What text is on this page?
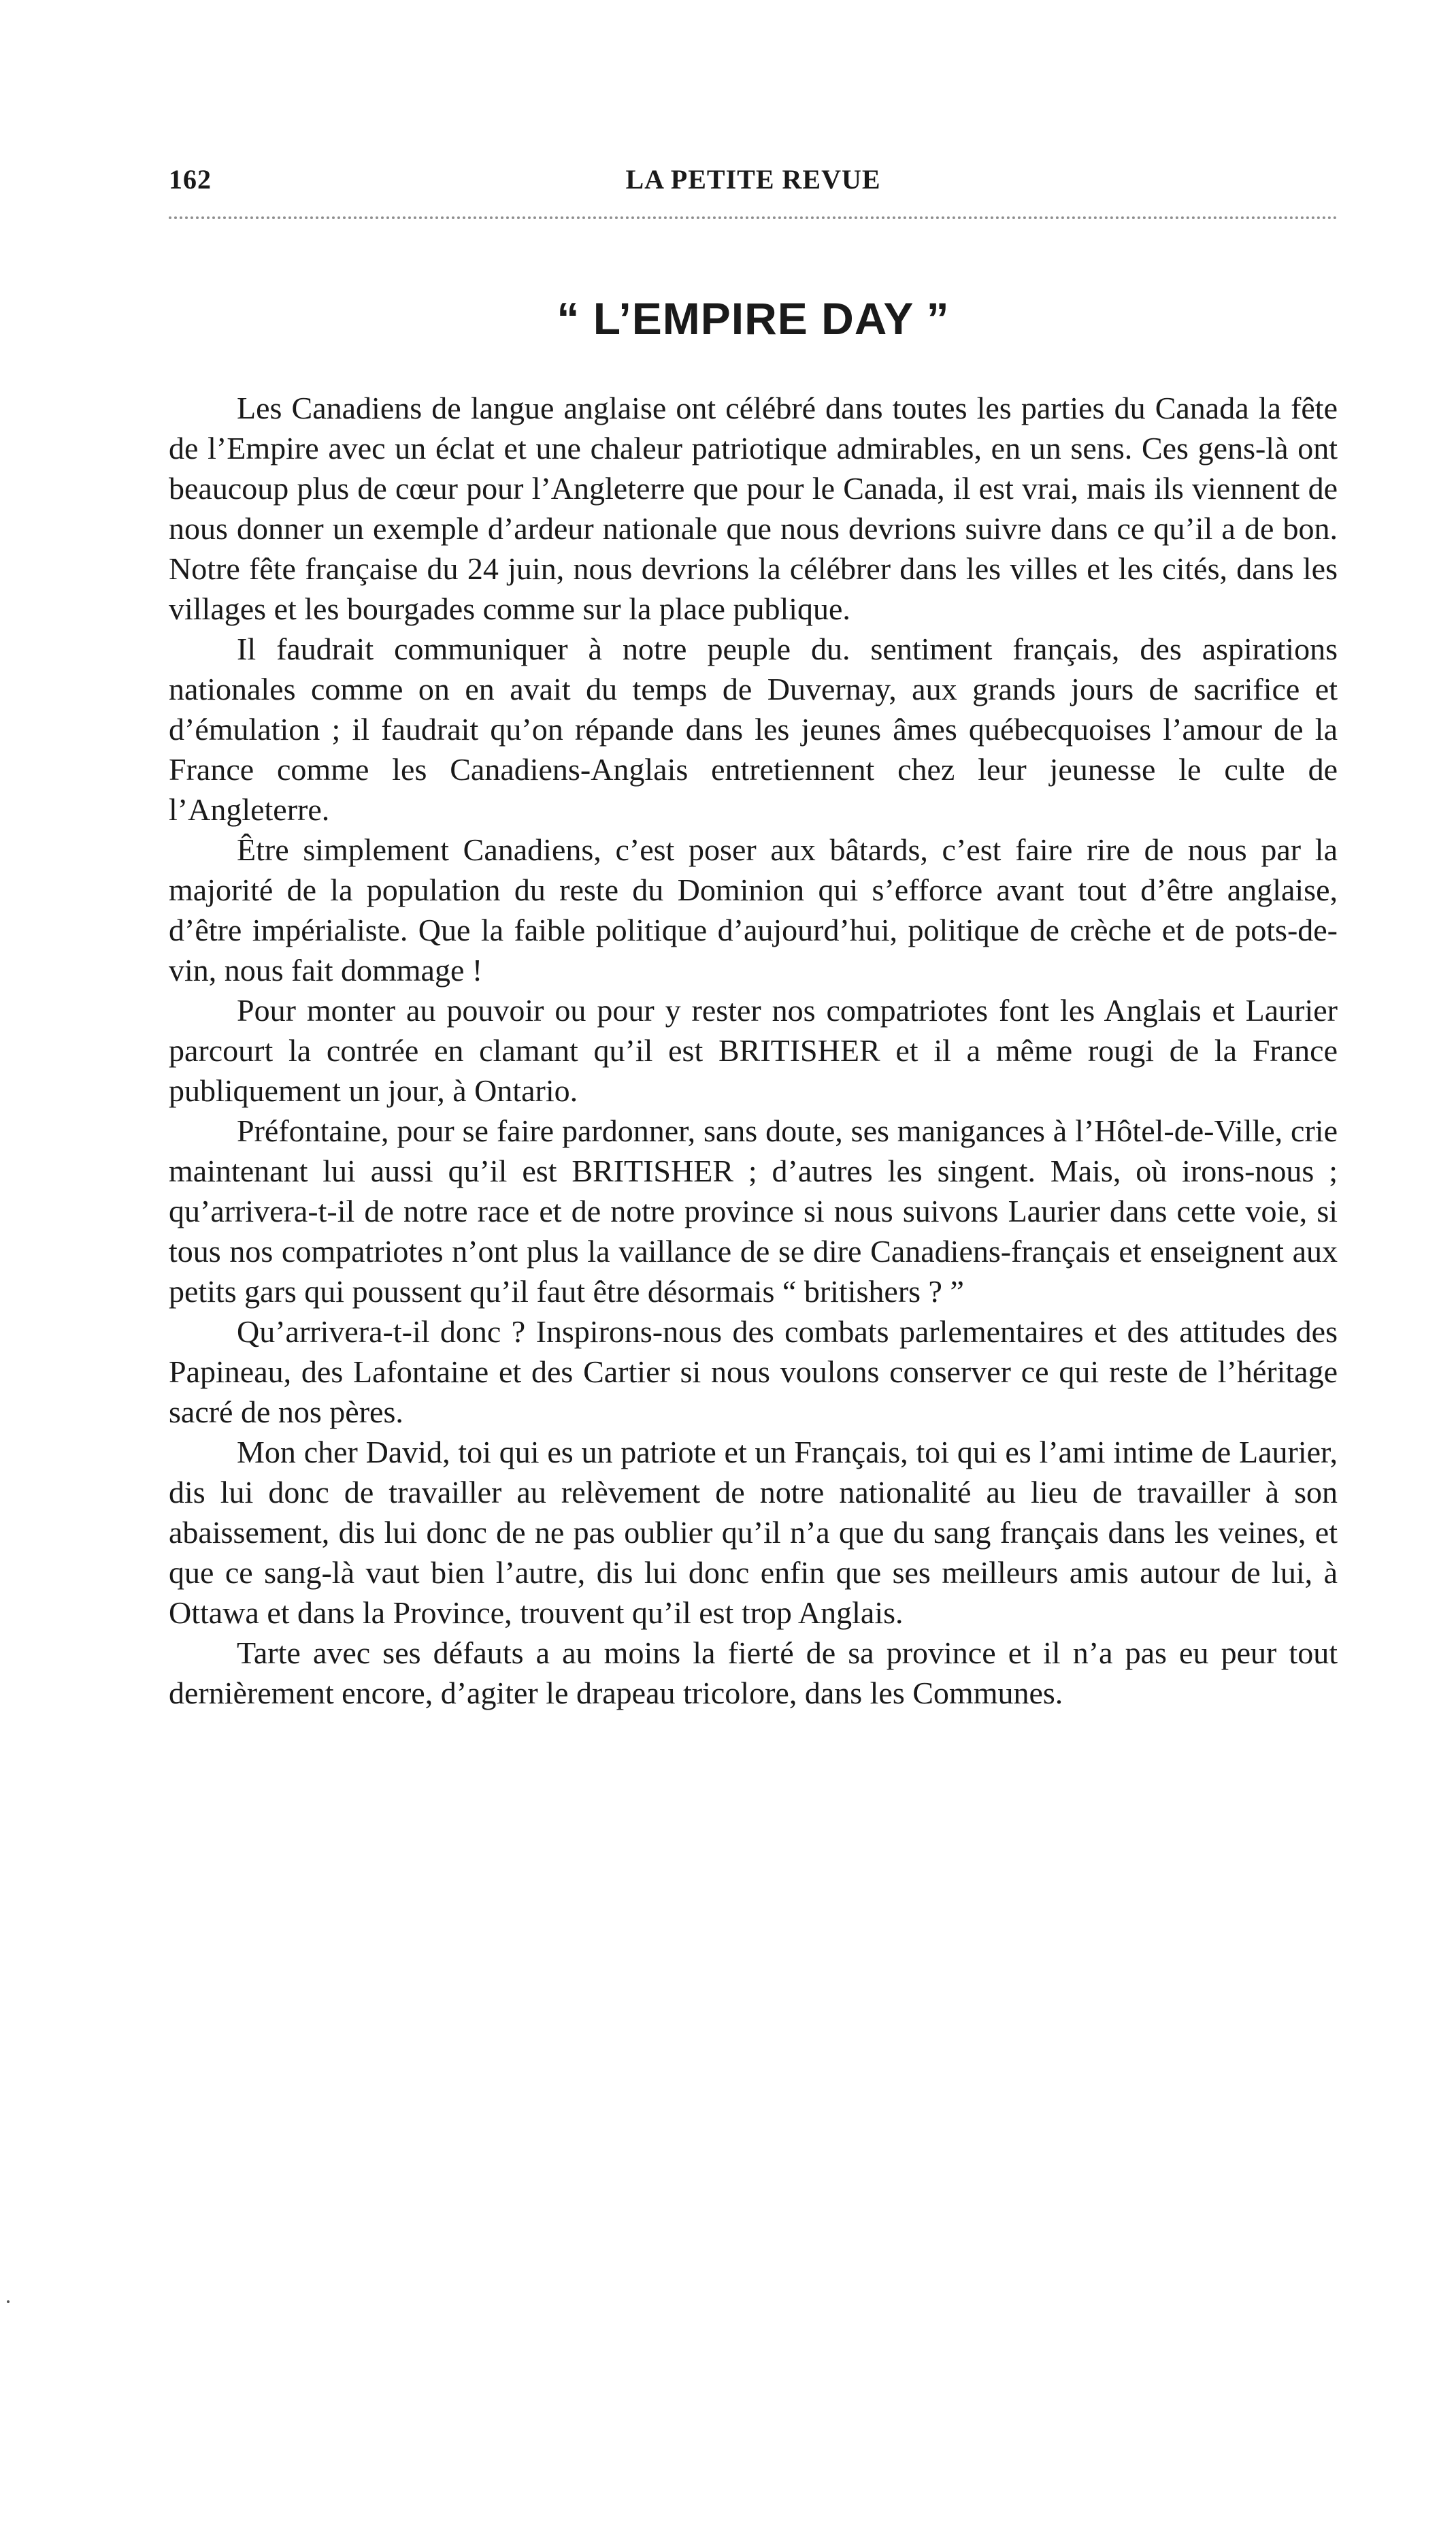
162	LA PETITE REVUE
“ L’EMPIRE DAY ”

Les Canadiens de langue anglaise ont célébré dans toutes les parties du Canada la fête de l’Empire avec un éclat et une chaleur patriotique admirables, en un sens. Ces gens-là ont beaucoup plus de cœur pour l’Angleterre que pour le Canada, il est vrai, mais ils viennent de nous donner un exemple d’ardeur nationale que nous devrions suivre dans ce qu’il a de bon. Notre fête française du 24 juin, nous devrions la célébrer dans les villes et les cités, dans les villages et les bourgades comme sur la place publique.

Il faudrait communiquer à notre peuple du. sentiment français, des aspirations nationales comme on en avait du temps de Duvernay, aux grands jours de sacrifice et d’émulation ; il faudrait qu’on répande dans les jeunes âmes québecquoises l’amour de la France comme les Canadiens-Anglais entretiennent chez leur jeunesse le culte de l’Angleterre.

Être simplement Canadiens, c’est poser aux bâtards, c’est faire rire de nous par la majorité de la population du reste du Dominion qui s’efforce avant tout d’être anglaise, d’être impérialiste. Que la faible politique d’aujourd’hui, politique de crèche et de pots-de-vin, nous fait dommage !

Pour monter au pouvoir ou pour y rester nos compatriotes font les Anglais et Laurier parcourt la contrée en clamant qu’il est BRITISHER et il a même rougi de la France publiquement un jour, à Ontario.

Préfontaine, pour se faire pardonner, sans doute, ses manigances à l’Hôtel-de-Ville, crie maintenant lui aussi qu’il est BRITISHER ; d’autres les singent. Mais, où irons-nous ; qu’arrivera-t-il de notre race et de notre province si nous suivons Laurier dans cette voie, si tous nos compatriotes n’ont plus la vaillance de se dire Canadiens-français et enseignent aux petits gars qui poussent qu’il faut être désormais “ britishers ? ”

Qu’arrivera-t-il donc ? Inspirons-nous des combats parlementaires et des attitudes des Papineau, des Lafontaine et des Cartier si nous voulons conserver ce qui reste de l’héritage sacré de nos pères.

Mon cher David, toi qui es un patriote et un Français, toi qui es l’ami intime de Laurier, dis lui donc de travailler au relèvement de notre nationalité au lieu de travailler à son abaissement, dis lui donc de ne pas oublier qu’il n’a que du sang français dans les veines, et que ce sang-là vaut bien l’autre, dis lui donc enfin que ses meilleurs amis autour de lui, à Ottawa et dans la Province, trouvent qu’il est trop Anglais.

Tarte avec ses défauts a au moins la fierté de sa province et il n’a pas eu peur tout dernièrement encore, d’agiter le drapeau tricolore, dans les Communes.
